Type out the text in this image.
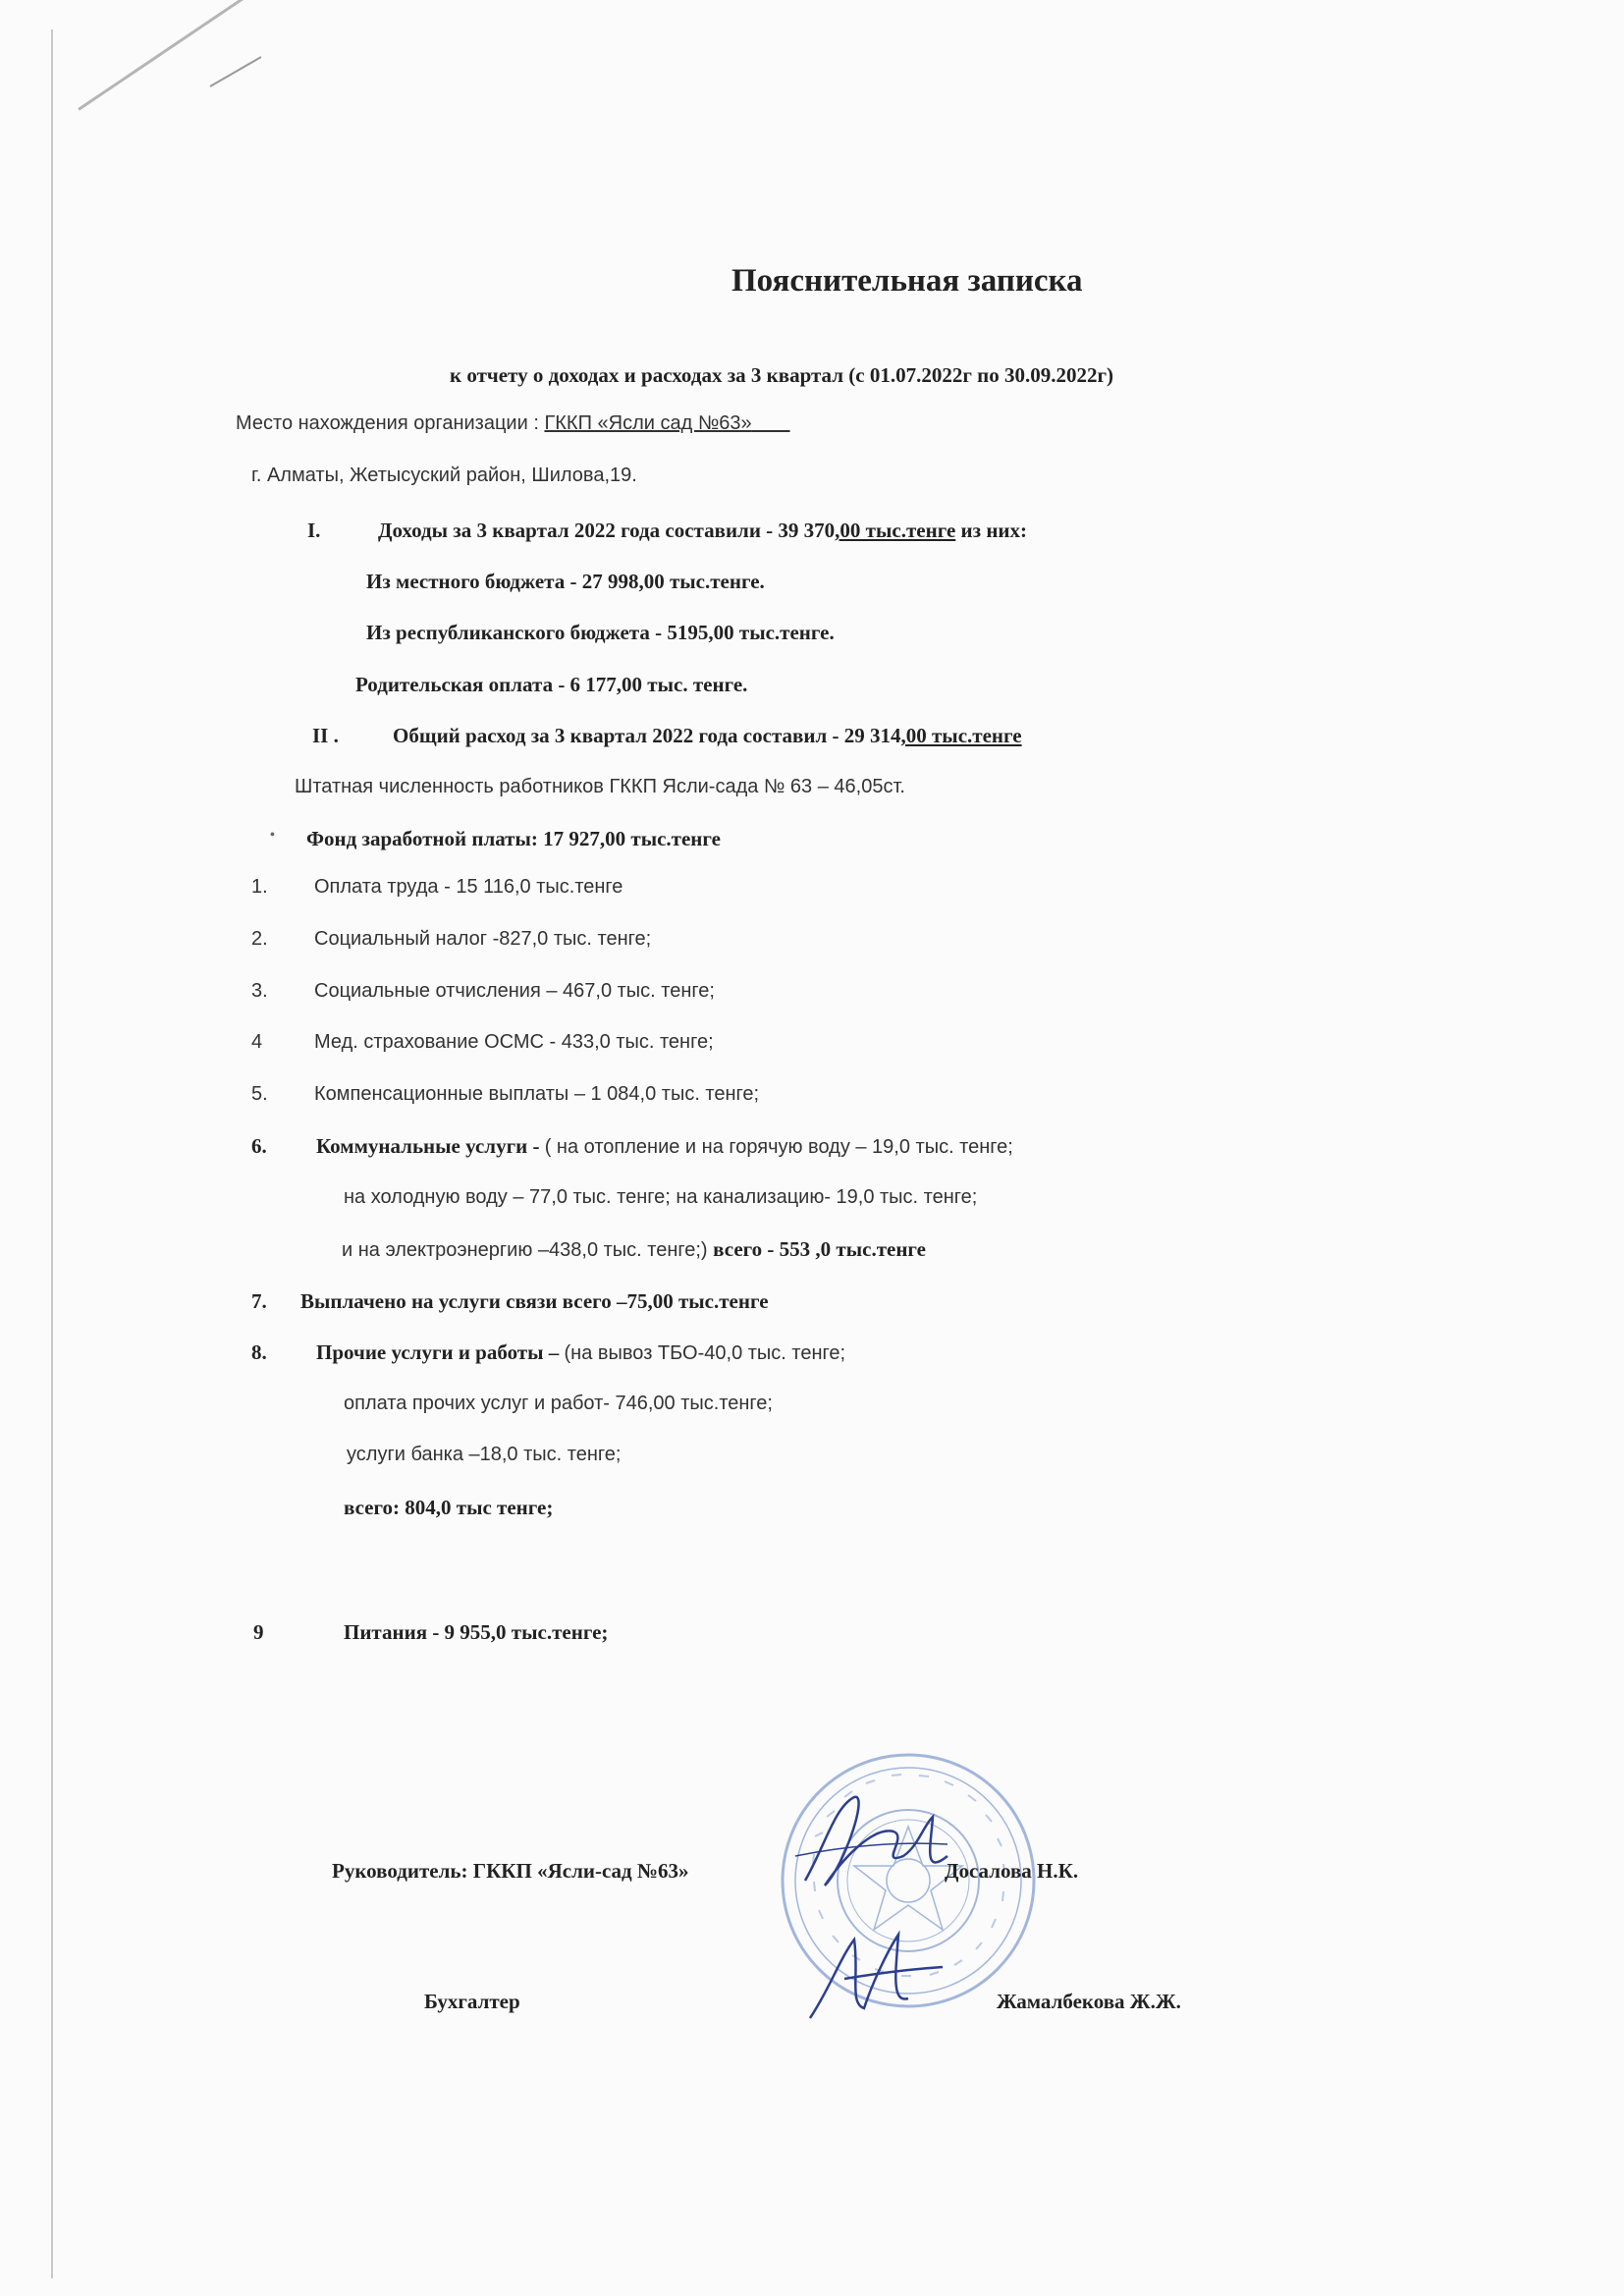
Пояснительная записка
к отчету о доходах и расходах за 3 квартал (с 01.07.2022г по 30.09.2022г)
Место нахождения организации : ГККП «Ясли сад №63»
г. Алматы, Жетысуский район, Шилова,19.
I.	Доходы за 3 квартал 2022 года составили - 39 370,00 тыс.тенге из них:
Из местного бюджета - 27 998,00 тыс.тенге.
Из республиканского бюджета - 5195,00 тыс.тенге.
Родительская оплата - 6 177,00 тыс. тенге.
II .	Общий расход за 3 квартал 2022 года составил - 29 314,00 тыс.тенге
Штатная численность работников ГККП Ясли-сада № 63 – 46,05ст.
• Фонд заработной платы: 17 927,00 тыс.тенге
1. Оплата труда - 15 116,0 тыс.тенге
2. Социальный налог -827,0 тыс. тенге;
3. Социальные отчисления – 467,0 тыс. тенге;
4	Мед. страхование ОСМС - 433,0 тыс. тенге;
5. Компенсационные выплаты – 1 084,0 тыс. тенге;
6. Коммунальные услуги - ( на отопление и на горячую воду – 19,0 тыс. тенге;
на холодную воду – 77,0 тыс. тенге; на канализацию- 19,0 тыс. тенге;
и на электроэнергию –438,0 тыс. тенге;) всего - 553 ,0 тыс.тенге
7. Выплачено на услуги связи всего –75,00 тыс.тенге
8. Прочие услуги и работы – (на вывоз ТБО-40,0 тыс. тенге;
оплата прочих услуг и работ- 746,00 тыс.тенге;
услуги банка –18,0 тыс. тенге;
всего: 804,0 тыс тенге;
9	Питания - 9 955,0 тыс.тенге;
Руководитель: ГККП «Ясли-сад №63»	Досалова Н.К.
Бухгалтер	Жамалбекова Ж.Ж.
